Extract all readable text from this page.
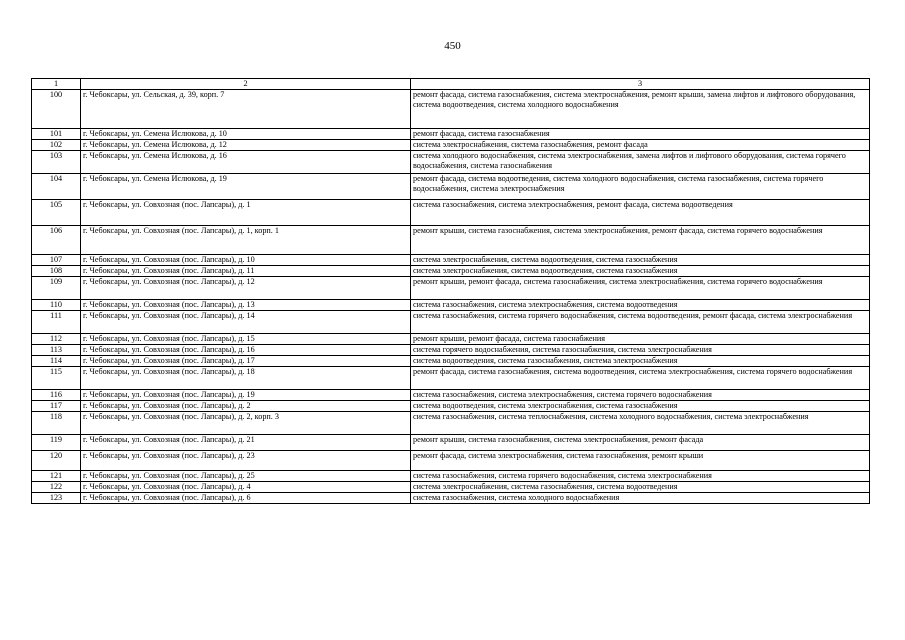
450
1	2	3
100	г. Чебоксары, ул. Сельская, д. 39, корп. 7	ремонт фасада, система газоснабжения, система электроснабжения, ремонт крыши, замена лифтов и лифтового оборудования, система водоотведения, система холодного водоснабжения
101	г. Чебоксары, ул. Семена Ислюкова, д. 10	ремонт фасада, система газоснабжения
102	г. Чебоксары, ул. Семена Ислюкова, д. 12	система электроснабжения, система газоснабжения, ремонт фасада
103	г. Чебоксары, ул. Семена Ислюкова, д. 16	система холодного водоснабжения, система электроснабжения, замена лифтов и лифтового оборудования, система горячего водоснабжения, система газоснабжения
104	г. Чебоксары, ул. Семена Ислюкова, д. 19	ремонт фасада, система водоотведения, система холодного водоснабжения, система газоснабжения, система горячего водоснабжения, система электроснабжения
105	г. Чебоксары, ул. Совхозная (пос. Лапсары), д. 1	система газоснабжения, система электроснабжения, ремонт фасада, система водоотведения
106	г. Чебоксары, ул. Совхозная (пос. Лапсары), д. 1, корп. 1	ремонт крыши, система газоснабжения, система электроснабжения, ремонт фасада, система горячего водоснабжения
107	г. Чебоксары, ул. Совхозная (пос. Лапсары), д. 10	система электроснабжения, система водоотведения, система газоснабжения
108	г. Чебоксары, ул. Совхозная (пос. Лапсары), д. 11	система электроснабжения, система водоотведения, система газоснабжения
109	г. Чебоксары, ул. Совхозная (пос. Лапсары), д. 12	ремонт крыши, ремонт фасада, система газоснабжения, система электроснабжения, система горячего водоснабжения
110	г. Чебоксары, ул. Совхозная (пос. Лапсары), д. 13	система газоснабжения, система электроснабжения, система водоотведения
111	г. Чебоксары, ул. Совхозная (пос. Лапсары), д. 14	система газоснабжения, система горячего водоснабжения, система водоотведения, ремонт фасада, система электроснабжения
112	г. Чебоксары, ул. Совхозная (пос. Лапсары), д. 15	ремонт крыши, ремонт фасада, система газоснабжения
113	г. Чебоксары, ул. Совхозная (пос. Лапсары), д. 16	система горячего водоснабжения, система газоснабжения, система электроснабжения
114	г. Чебоксары, ул. Совхозная (пос. Лапсары), д. 17	система водоотведения, система газоснабжения, система электроснабжения
115	г. Чебоксары, ул. Совхозная (пос. Лапсары), д. 18	ремонт фасада, система газоснабжения, система водоотведения, система электроснабжения, система горячего водоснабжения
116	г. Чебоксары, ул. Совхозная (пос. Лапсары), д. 19	система газоснабжения, система электроснабжения, система горячего водоснабжения
117	г. Чебоксары, ул. Совхозная (пос. Лапсары), д. 2	система водоотведения, система электроснабжения, система газоснабжения
118	г. Чебоксары, ул. Совхозная (пос. Лапсары), д. 2, корп. 3	система газоснабжения, система теплоснабжения, система холодного водоснабжения, система электроснабжения
119	г. Чебоксары, ул. Совхозная (пос. Лапсары), д. 21	ремонт крыши, система газоснабжения, система электроснабжения, ремонт фасада
120	г. Чебоксары, ул. Совхозная (пос. Лапсары), д. 23	ремонт фасада, система электроснабжения, система газоснабжения, ремонт крыши
121	г. Чебоксары, ул. Совхозная (пос. Лапсары), д. 25	система газоснабжения, система горячего водоснабжения, система электроснабжения
122	г. Чебоксары, ул. Совхозная (пос. Лапсары), д. 4	система электроснабжения, система газоснабжения, система водоотведения
123	г. Чебоксары, ул. Совхозная (пос. Лапсары), д. 6	система газоснабжения, система холодного водоснабжения
